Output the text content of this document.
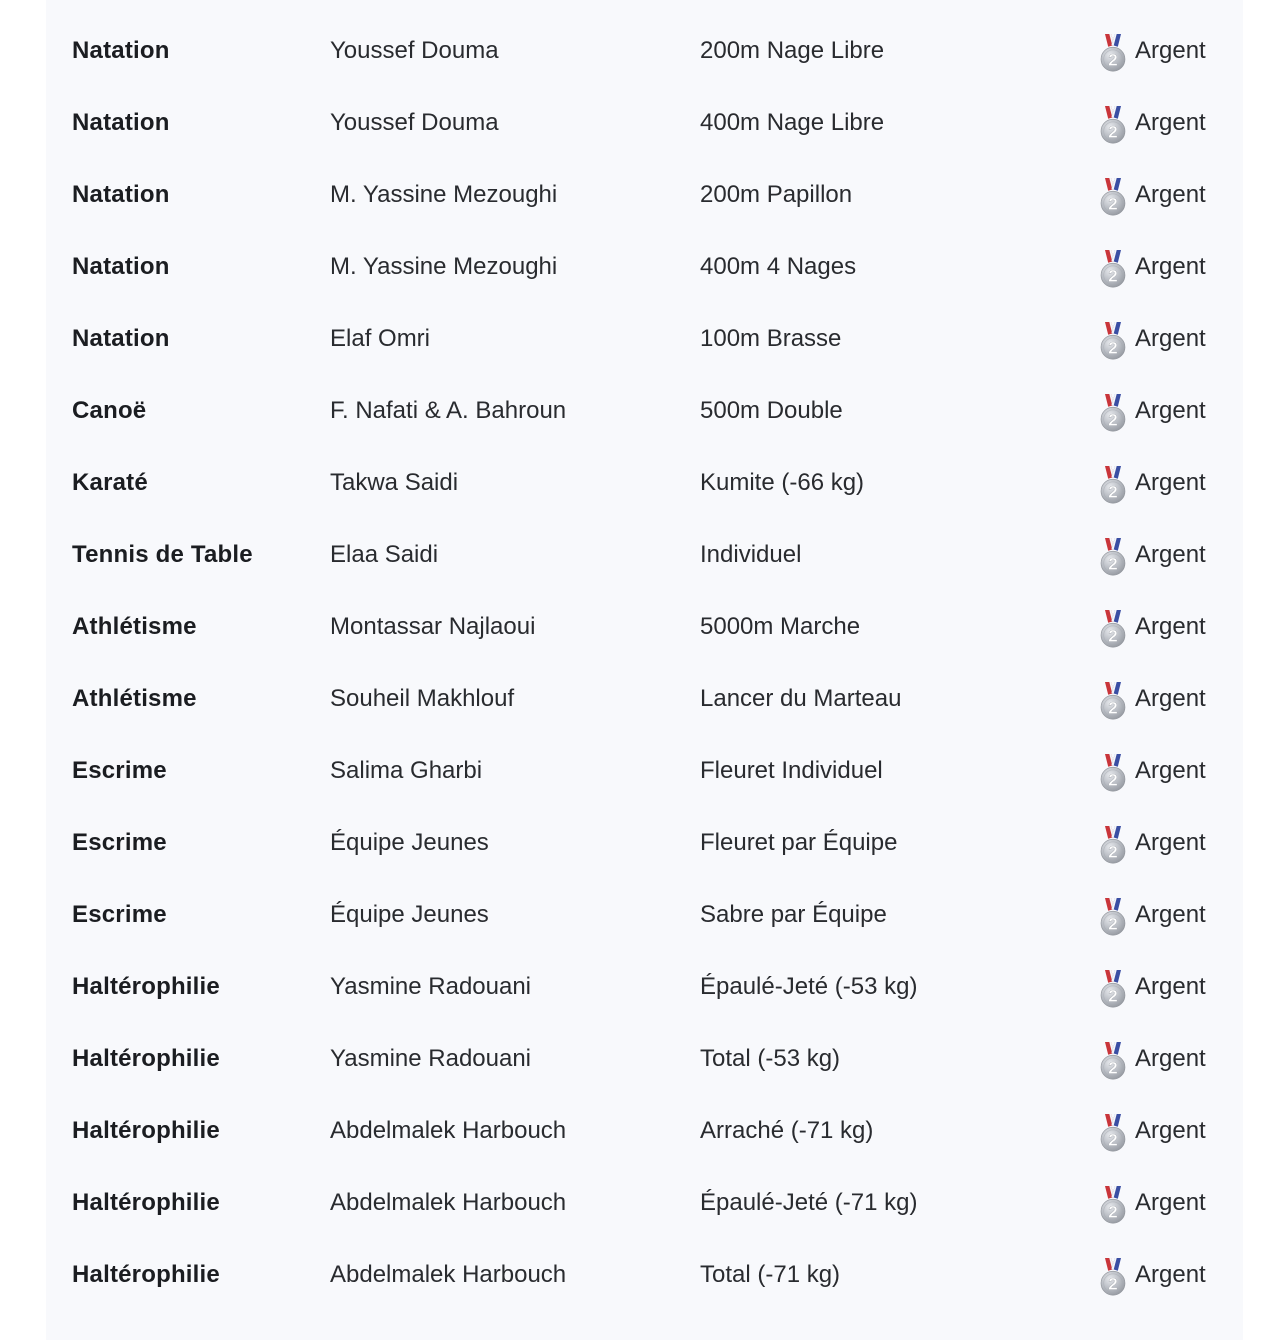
Natation	Youssef Douma	200m Nage Libre	2 Argent
Natation	Youssef Douma	400m Nage Libre	2 Argent
Natation	M. Yassine Mezoughi	200m Papillon	2 Argent
Natation	M. Yassine Mezoughi	400m 4 Nages	2 Argent
Natation	Elaf Omri	100m Brasse	2 Argent
Canoë	F. Nafati & A. Bahroun	500m Double	2 Argent
Karaté	Takwa Saidi	Kumite (-66 kg)	2 Argent
Tennis de Table	Elaa Saidi	Individuel	2 Argent
Athlétisme	Montassar Najlaoui	5000m Marche	2 Argent
Athlétisme	Souheil Makhlouf	Lancer du Marteau	2 Argent
Escrime	Salima Gharbi	Fleuret Individuel	2 Argent
Escrime	Équipe Jeunes	Fleuret par Équipe	2 Argent
Escrime	Équipe Jeunes	Sabre par Équipe	2 Argent
Haltérophilie	Yasmine Radouani	Épaulé-Jeté (-53 kg)	2 Argent
Haltérophilie	Yasmine Radouani	Total (-53 kg)	2 Argent
Haltérophilie	Abdelmalek Harbouch	Arraché (-71 kg)	2 Argent
Haltérophilie	Abdelmalek Harbouch	Épaulé-Jeté (-71 kg)	2 Argent
Haltérophilie	Abdelmalek Harbouch	Total (-71 kg)	2 Argent
